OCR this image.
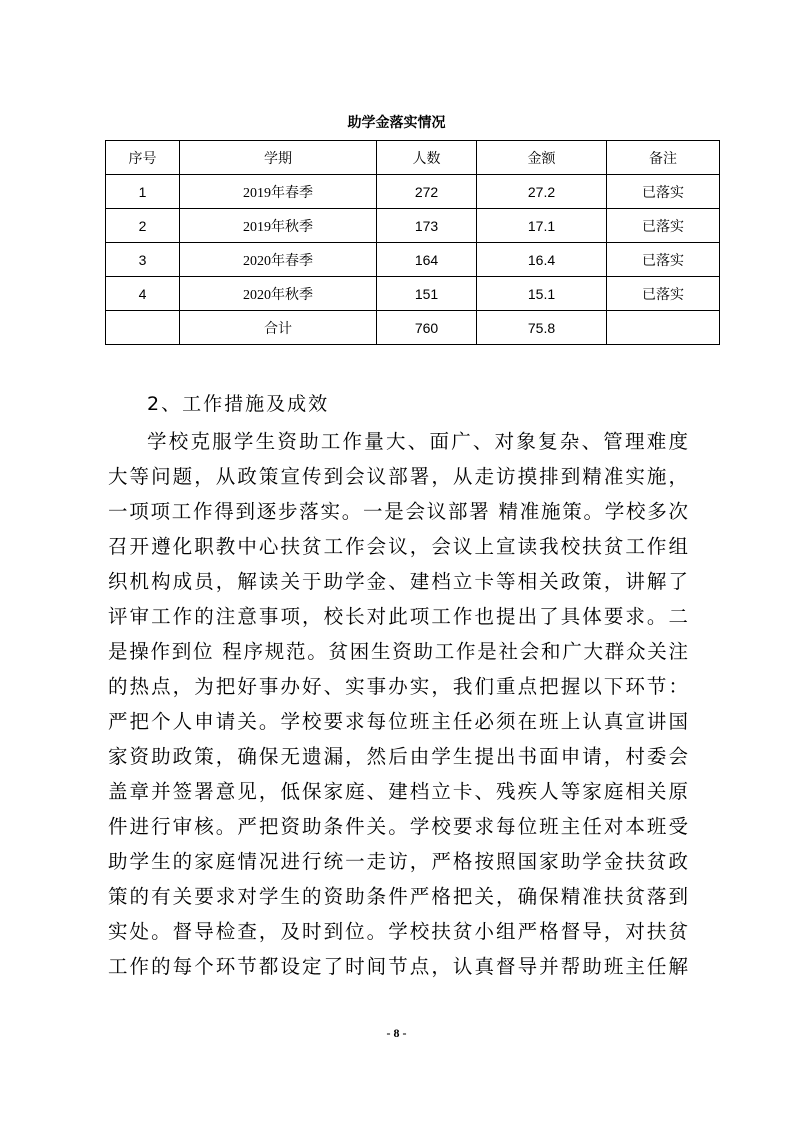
助学金落实情况
序号	学期	人数	金额	备注
1	2019年春季	272	27.2	已落实
2	2019年秋季	173	17.1	已落实
3	2020年春季	164	16.4	已落实
4	2020年秋季	151	15.1	已落实
	合计	760	75.8	
2、工作措施及成效
学校克服学生资助工作量大、面广、对象复杂、管理难度
大等问题，从政策宣传到会议部署，从走访摸排到精准实施，
一项项工作得到逐步落实。一是会议部署 精准施策。学校多次
召开遵化职教中心扶贫工作会议，会议上宣读我校扶贫工作组
织机构成员，解读关于助学金、建档立卡等相关政策，讲解了
评审工作的注意事项，校长对此项工作也提出了具体要求。二
是操作到位 程序规范。贫困生资助工作是社会和广大群众关注
的热点，为把好事办好、实事办实，我们重点把握以下环节：
严把个人申请关。学校要求每位班主任必须在班上认真宣讲国
家资助政策，确保无遗漏，然后由学生提出书面申请，村委会
盖章并签署意见，低保家庭、建档立卡、残疾人等家庭相关原
件进行审核。严把资助条件关。学校要求每位班主任对本班受
助学生的家庭情况进行统一走访，严格按照国家助学金扶贫政
策的有关要求对学生的资助条件严格把关，确保精准扶贫落到
实处。督导检查，及时到位。学校扶贫小组严格督导，对扶贫
工作的每个环节都设定了时间节点，认真督导并帮助班主任解
- 8 -
